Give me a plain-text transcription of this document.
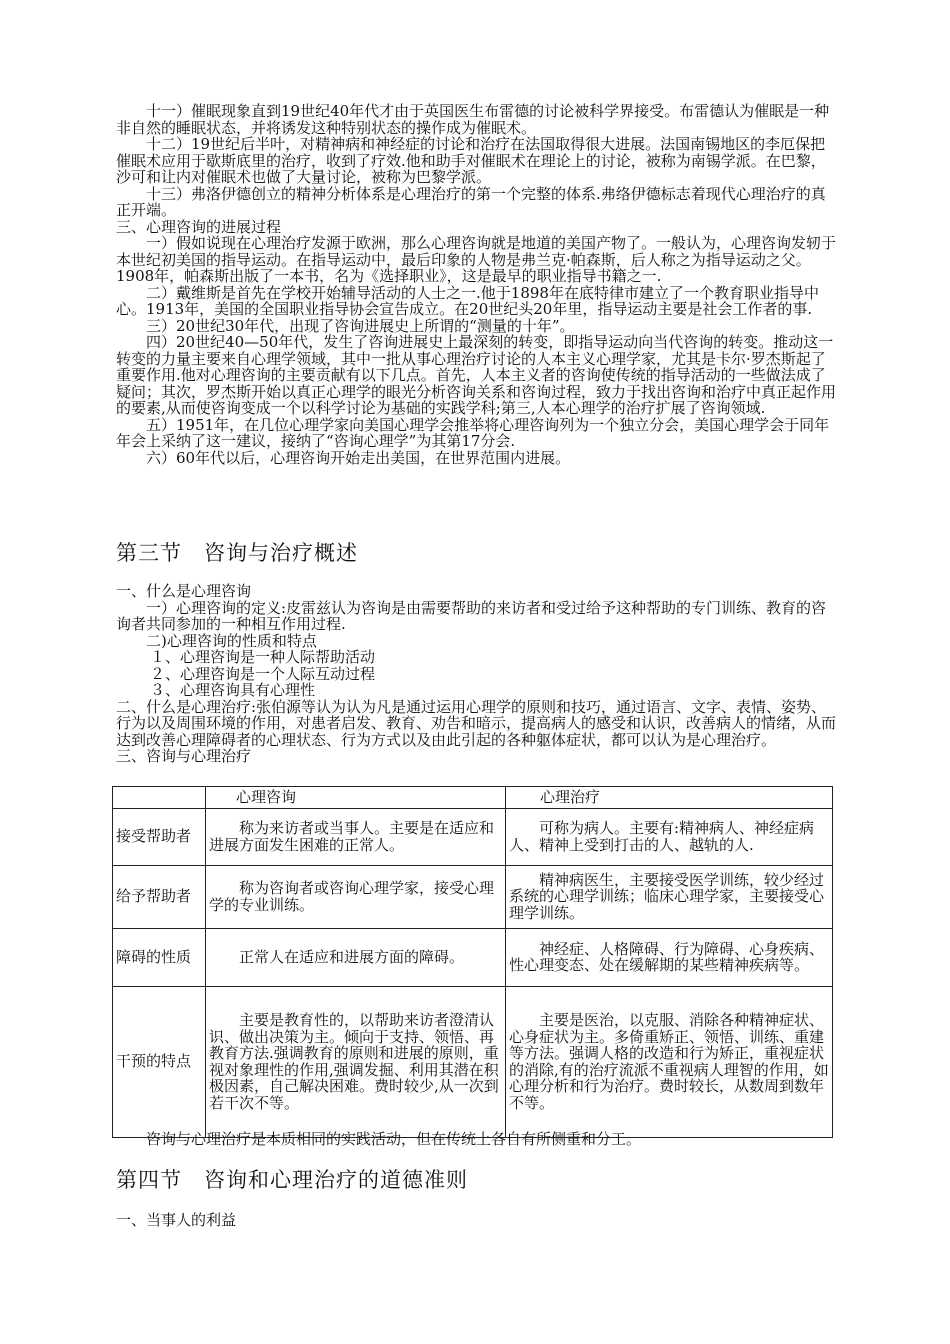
十一）催眠现象直到19世纪40年代才由于英国医生布雷德的讨论被科学界接受。布雷德认为催眠是一种非自然的睡眠状态，并将诱发这种特别状态的操作成为催眠术。

十二）19世纪后半叶，对精神病和神经症的讨论和治疗在法国取得很大进展。法国南锡地区的李厄保把催眠术应用于歇斯底里的治疗，收到了疗效.他和助手对催眠术在理论上的讨论，被称为南锡学派。在巴黎，沙可和让内对催眠术也做了大量讨论，被称为巴黎学派。

十三）弗洛伊德创立的精神分析体系是心理治疗的第一个完整的体系.弗络伊德标志着现代心理治疗的真正开端。

三、心理咨询的进展过程

一）假如说现在心理治疗发源于欧洲，那么心理咨询就是地道的美国产物了。一般认为，心理咨询发轫于本世纪初美国的指导运动。在指导运动中，最后印象的人物是弗兰克·帕森斯，后人称之为指导运动之父。1908年，帕森斯出版了一本书，名为《选择职业》，这是最早的职业指导书籍之一.

二）戴维斯是首先在学校开始辅导活动的人士之一.他于1898年在底特律市建立了一个教育职业指导中心。1913年，美国的全国职业指导协会宣告成立。在20世纪头20年里，指导运动主要是社会工作者的事.

三）20世纪30年代，出现了咨询进展史上所谓的“测量的十年”。

四）20世纪40—50年代，发生了咨询进展史上最深刻的转变，即指导运动向当代咨询的转变。推动这一转变的力量主要来自心理学领域，其中一批从事心理治疗讨论的人本主义心理学家，尤其是卡尔·罗杰斯起了重要作用.他对心理咨询的主要贡献有以下几点。首先，人本主义者的咨询使传统的指导活动的一些做法成了疑问；其次，罗杰斯开始以真正心理学的眼光分析咨询关系和咨询过程，致力于找出咨询和治疗中真正起作用的要素,从而使咨询变成一个以科学讨论为基础的实践学科;第三,人本心理学的治疗扩展了咨询领域.

五）1951年，在几位心理学家向美国心理学会推举将心理咨询列为一个独立分会，美国心理学会于同年年会上采纳了这一建议，接纳了“咨询心理学”为其第17分会.

六）60年代以后，心理咨询开始走出美国，在世界范围内进展。

第三节　咨询与治疗概述

一、什么是心理咨询

一）心理咨询的定义:皮雷兹认为咨询是由需要帮助的来访者和受过给予这种帮助的专门训练、教育的咨询者共同参加的一种相互作用过程.

二)心理咨询的性质和特点

１、心理咨询是一种人际帮助活动

２、心理咨询是一个人际互动过程

３、心理咨询具有心理性

二、什么是心理治疗:张伯源等认为认为凡是通过运用心理学的原则和技巧，通过语言、文字、表情、姿势、行为以及周围环境的作用，对患者启发、教育、劝告和暗示，提高病人的感受和认识，改善病人的情绪，从而达到改善心理障碍者的心理状态、行为方式以及由此引起的各种躯体症状，都可以认为是心理治疗。

三、咨询与心理治疗

	心理咨询	心理治疗
接受帮助者	称为来访者或当事人。主要是在适应和进展方面发生困难的正常人。	可称为病人。主要有:精神病人、神经症病人、精神上受到打击的人、越轨的人.
给予帮助者	称为咨询者或咨询心理学家，接受心理学的专业训练。	精神病医生，主要接受医学训练，较少经过系统的心理学训练；临床心理学家，主要接受心理学训练。
障碍的性质	正常人在适应和进展方面的障碍。	神经症、人格障碍、行为障碍、心身疾病、性心理变态、处在缓解期的某些精神疾病等。
干预的特点	主要是教育性的，以帮助来访者澄清认识、做出决策为主。倾向于支持、领悟、再教育方法.强调教育的原则和进展的原则，重视对象理性的作用,强调发掘、利用其潜在积极因素，自己解决困难。费时较少,从一次到若干次不等。	主要是医治，以克服、消除各种精神症状、心身症状为主。多倚重矫正、领悟、训练、重建等方法。强调人格的改造和行为矫正，重视症状的消除,有的治疗流派不重视病人理智的作用，如心理分析和行为治疗。费时较长，从数周到数年不等。

咨询与心理治疗是本质相同的实践活动，但在传统上各自有所侧重和分工。

第四节　咨询和心理治疗的道德准则

一、当事人的利益
